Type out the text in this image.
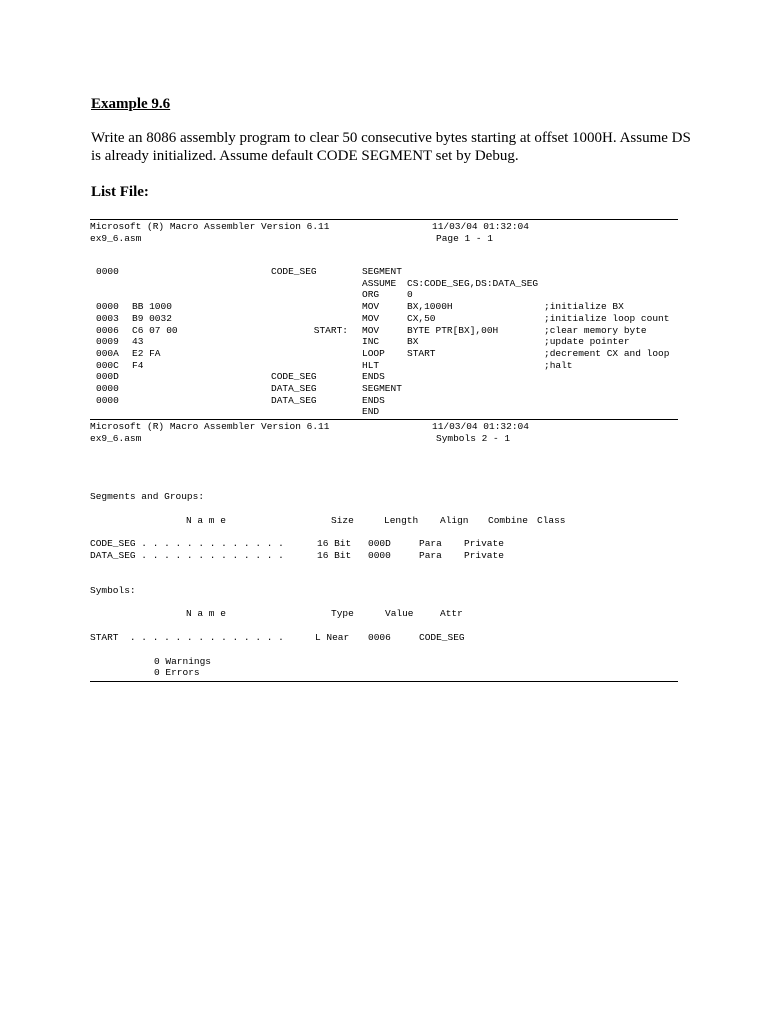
Example 9.6
Write an 8086 assembly program to clear 50 consecutive bytes starting at offset 1000H. Assume DS is already initialized. Assume default CODE SEGMENT set by Debug.
List File:
Microsoft (R) Macro Assembler Version 6.11	11/03/04 01:32:04
ex9_6.asm	Page 1 - 1
0000	CODE_SEG	SEGMENT
ASSUME CS:CODE_SEG,DS:DATA_SEG
ORG	0
0000 BB 1000	MOV	BX,1000H	;initialize BX
0003 B9 0032	MOV	CX,50	;initialize loop count
0006 C6 07 00	START: MOV	BYTE PTR[BX],00H	;clear memory byte
0009 43	INC	BX	;update pointer
000A E2 FA	LOOP START	;decrement CX and loop
000C F4	HLT	;halt
000D	CODE_SEG	ENDS
0000	DATA_SEG	SEGMENT
0000	DATA_SEG	ENDS
END
Microsoft (R) Macro Assembler Version 6.11	11/03/04 01:32:04
ex9_6.asm	Symbols 2 - 1
Segments and Groups:
N a m e	Size	Length Align Combine Class
CODE_SEG . . . . . . . . . . . . .	16 Bit 000D	Para Private
DATA_SEG . . . . . . . . . . . . .	16 Bit 0000	Para Private
Symbols:
N a m e	Type	Value	Attr
START  . . . . . . . . . . . . . .	L Near 0006	CODE_SEG
0 Warnings
0 Errors
